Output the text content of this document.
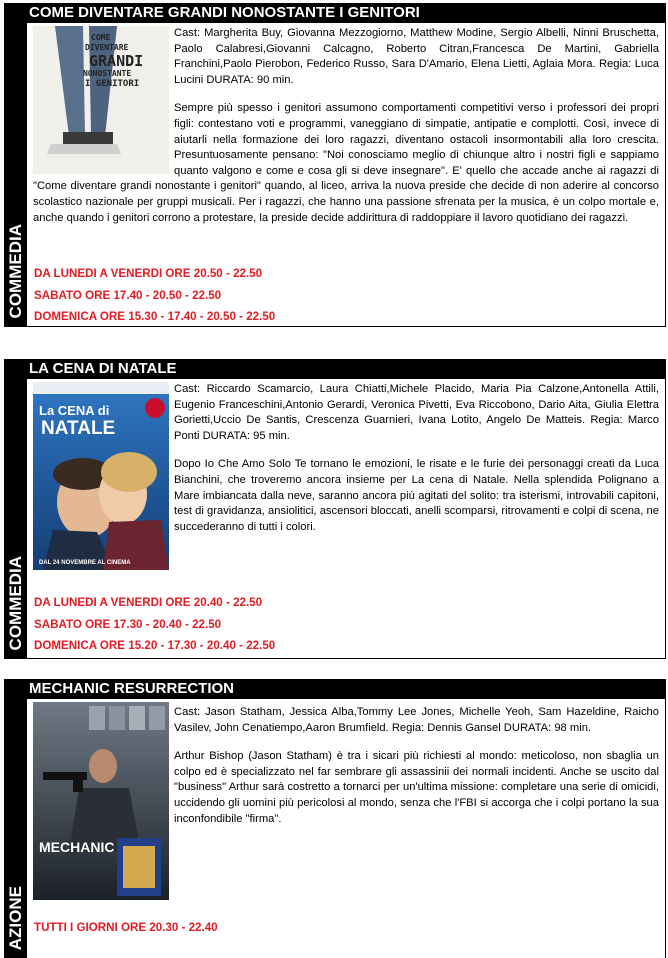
COME DIVENTARE GRANDI NONOSTANTE I GENITORI
COMMEDIA
COME
DIVENTARE
GRANDI
NONOSTANTE
I GENITORI

Cast: Margherita Buy, Giovanna Mezzogiorno, Matthew Modine, Sergio Albelli, Ninni Bruschetta, Paolo Calabresi,Giovanni Calcagno, Roberto Citran,Francesca De Martini, Gabriella Franchini,Paolo Pierobon, Federico Russo, Sara D'Amario, Elena Lietti, Aglaia Mora. Regia: Luca Lucini DURATA: 90 min.

Sempre più spesso i genitori assumono comportamenti competitivi verso i professori dei propri figli: contestano voti e programmi, vaneggiano di simpatie, antipatie e complotti. Così, invece di aiutarli nella formazione dei loro ragazzi, diventano ostacoli insormontabili alla loro crescita. Presuntuosamente pensano: "Noi conosciamo meglio di chiunque altro i nostri figli e sappiamo quanto valgono e come e cosa gli si deve insegnare". E' quello che accade anche ai ragazzi di "Come diventare grandi nonostante i genitori" quando, al liceo, arriva la nuova preside che decide di non aderire al concorso scolastico nazionale per gruppi musicali. Per i ragazzi, che hanno una passione sfrenata per la musica, è un colpo mortale e, anche quando i genitori corrono a protestare, la preside decide addirittura di raddoppiare il lavoro quotidiano dei ragazzi.

DA LUNEDI A VENERDI ORE 20.50 - 22.50
SABATO ORE 17.40 - 20.50 - 22.50
DOMENICA ORE 15.30 - 17.40 - 20.50 - 22.50
LA CENA DI NATALE
COMMEDIA
La CENA di
NATALE
DAL 24 NOVEMBRE AL CINEMA

Cast: Riccardo Scamarcio, Laura Chiatti,Michele Placido, Maria Pia Calzone,Antonella Attili, Eugenio Franceschini,Antonio Gerardi, Veronica Pivetti, Eva Riccobono, Dario Aita, Giulia Elettra Gorietti,Uccio De Santis, Crescenza Guarnieri, Ivana Lotito, Angelo De Matteis. Regia: Marco Ponti DURATA: 95 min.

Dopo Io Che Amo Solo Te tornano le emozioni, le risate e le furie dei personaggi creati da Luca Bianchini, che troveremo ancora insieme per La cena di Natale. Nella splendida Polignano a Mare imbiancata dalla neve, saranno ancora più agitati del solito: tra isterismi, introvabili capitoni, test di gravidanza, ansiolitici, ascensori bloccati, anelli scomparsi, ritrovamenti e colpi di scena, ne succederanno di tutti i colori.

DA LUNEDI A VENERDI ORE 20.40 - 22.50
SABATO ORE 17.30 - 20.40 - 22.50
DOMENICA ORE 15.20 - 17.30 - 20.40 - 22.50
MECHANIC RESURRECTION
AZIONE
MECHANIC

Cast: Jason Statham, Jessica Alba,Tommy Lee Jones, Michelle Yeoh, Sam Hazeldine, Raicho Vasilev, John Cenatiempo,Aaron Brumfield. Regia: Dennis Gansel DURATA: 98 min.

Arthur Bishop (Jason Statham) è tra i sicari più richiesti al mondo: meticoloso, non sbaglia un colpo ed è specializzato nel far sembrare gli assassinii dei normali incidenti. Anche se uscito dal "business" Arthur sarà costretto a tornarci per un'ultima missione: completare una serie di omicidi, uccidendo gli uomini più pericolosi al mondo, senza che l'FBI si accorga che i colpi portano la sua inconfondibile "firma".

TUTTI I GIORNI ORE 20.30 - 22.40
